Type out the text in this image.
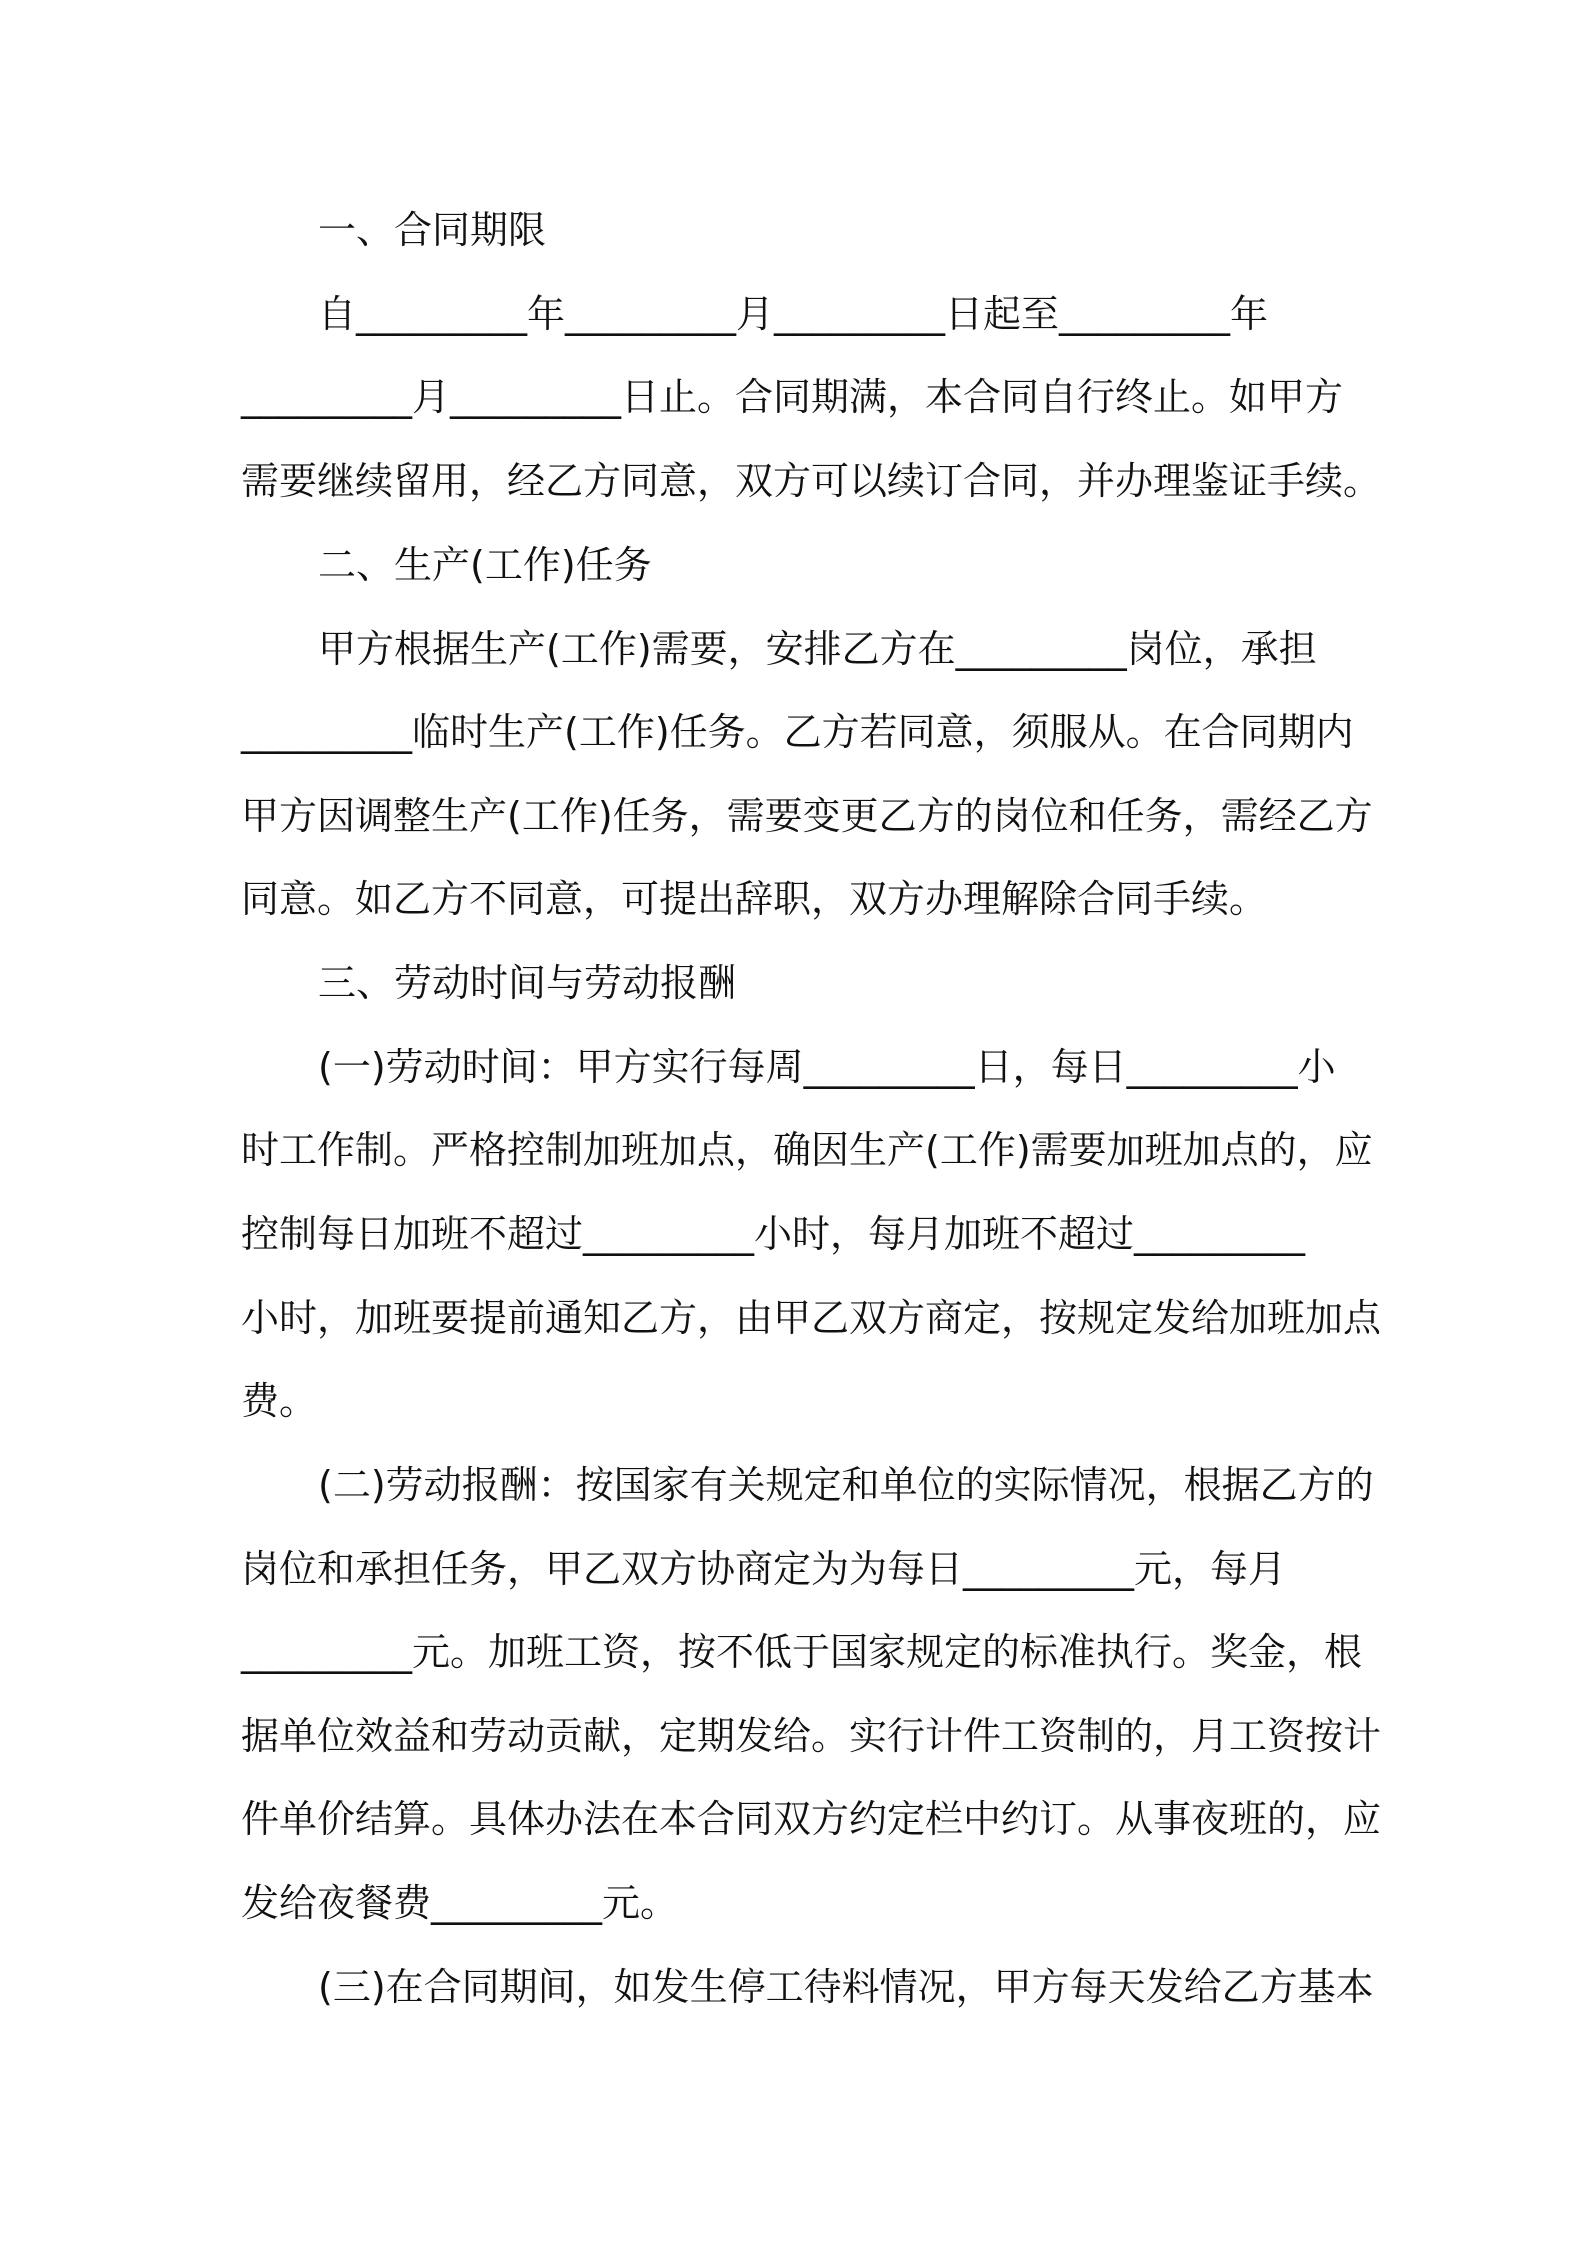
一、合同期限

自_________年_________月_________日起至_________年

_________月_________日止。合同期满，本合同自行终止。如甲方

需要继续留用，经乙方同意，双方可以续订合同，并办理鉴证手续。

二、生产(工作)任务

甲方根据生产(工作)需要，安排乙方在_________岗位，承担

_________临时生产(工作)任务。乙方若同意，须服从。在合同期内

甲方因调整生产(工作)任务，需要变更乙方的岗位和任务，需经乙方

同意。如乙方不同意，可提出辞职，双方办理解除合同手续。

三、劳动时间与劳动报酬

(一)劳动时间：甲方实行每周_________日，每日_________小

时工作制。严格控制加班加点，确因生产(工作)需要加班加点的，应

控制每日加班不超过_________小时，每月加班不超过_________

小时，加班要提前通知乙方，由甲乙双方商定，按规定发给加班加点

费。

(二)劳动报酬：按国家有关规定和单位的实际情况，根据乙方的

岗位和承担任务，甲乙双方协商定为为每日_________元，每月

_________元。加班工资，按不低于国家规定的标准执行。奖金，根

据单位效益和劳动贡献，定期发给。实行计件工资制的，月工资按计

件单价结算。具体办法在本合同双方约定栏中约订。从事夜班的，应

发给夜餐费_________元。

(三)在合同期间，如发生停工待料情况，甲方每天发给乙方基本
